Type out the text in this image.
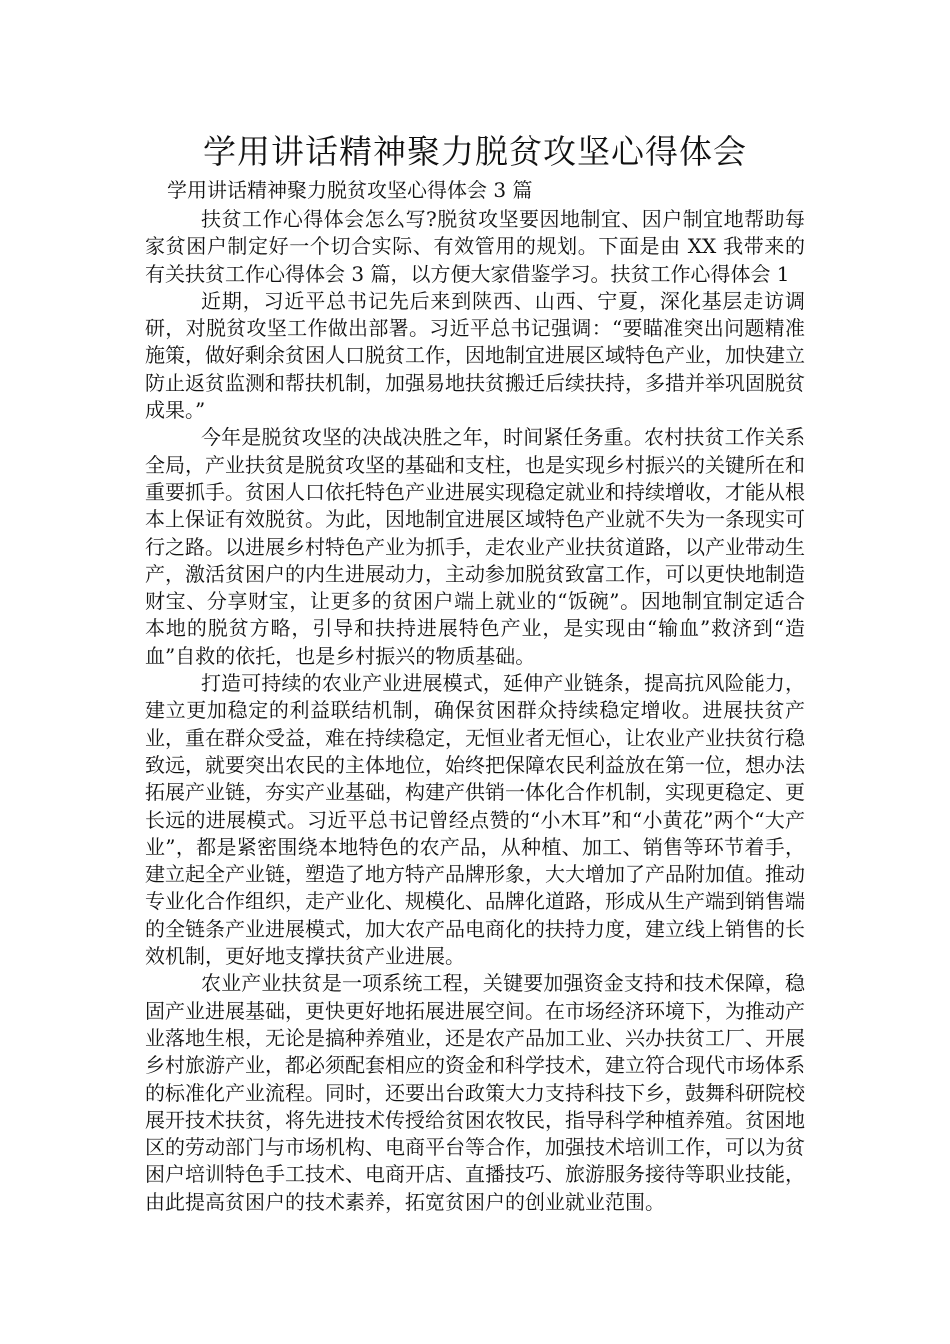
学用讲话精神聚力脱贫攻坚心得体会

学用讲话精神聚力脱贫攻坚心得体会 3 篇

扶贫工作心得体会怎么写?脱贫攻坚要因地制宜、因户制宜地帮助每家贫困户制定好一个切合实际、有效管用的规划。下面是由 XX 我带来的有关扶贫工作心得体会 3 篇，以方便大家借鉴学习。扶贫工作心得体会 1

近期，习近平总书记先后来到陕西、山西、宁夏，深化基层走访调研，对脱贫攻坚工作做出部署。习近平总书记强调：“要瞄准突出问题精准施策，做好剩余贫困人口脱贫工作，因地制宜进展区域特色产业，加快建立防止返贫监测和帮扶机制，加强易地扶贫搬迁后续扶持，多措并举巩固脱贫成果。”

今年是脱贫攻坚的决战决胜之年，时间紧任务重。农村扶贫工作关系全局，产业扶贫是脱贫攻坚的基础和支柱，也是实现乡村振兴的关键所在和重要抓手。贫困人口依托特色产业进展实现稳定就业和持续增收，才能从根本上保证有效脱贫。为此，因地制宜进展区域特色产业就不失为一条现实可行之路。以进展乡村特色产业为抓手，走农业产业扶贫道路，以产业带动生产，激活贫困户的内生进展动力，主动参加脱贫致富工作，可以更快地制造财宝、分享财宝，让更多的贫困户端上就业的“饭碗”。因地制宜制定适合本地的脱贫方略，引导和扶持进展特色产业，是实现由“输血”救济到“造血”自救的依托，也是乡村振兴的物质基础。

打造可持续的农业产业进展模式，延伸产业链条，提高抗风险能力，建立更加稳定的利益联结机制，确保贫困群众持续稳定增收。进展扶贫产业，重在群众受益，难在持续稳定，无恒业者无恒心，让农业产业扶贫行稳致远，就要突出农民的主体地位，始终把保障农民利益放在第一位，想办法拓展产业链，夯实产业基础，构建产供销一体化合作机制，实现更稳定、更长远的进展模式。习近平总书记曾经点赞的“小木耳”和“小黄花”两个“大产业”，都是紧密围绕本地特色的农产品，从种植、加工、销售等环节着手，建立起全产业链，塑造了地方特产品牌形象，大大增加了产品附加值。推动专业化合作组织，走产业化、规模化、品牌化道路，形成从生产端到销售端的全链条产业进展模式，加大农产品电商化的扶持力度，建立线上销售的长效机制，更好地支撑扶贫产业进展。

农业产业扶贫是一项系统工程，关键要加强资金支持和技术保障，稳固产业进展基础，更快更好地拓展进展空间。在市场经济环境下，为推动产业落地生根，无论是搞种养殖业，还是农产品加工业、兴办扶贫工厂、开展乡村旅游产业，都必须配套相应的资金和科学技术，建立符合现代市场体系的标准化产业流程。同时，还要出台政策大力支持科技下乡，鼓舞科研院校展开技术扶贫，将先进技术传授给贫困农牧民，指导科学种植养殖。贫困地区的劳动部门与市场机构、电商平台等合作，加强技术培训工作，可以为贫困户培训特色手工技术、电商开店、直播技巧、旅游服务接待等职业技能，由此提高贫困户的技术素养，拓宽贫困户的创业就业范围。
